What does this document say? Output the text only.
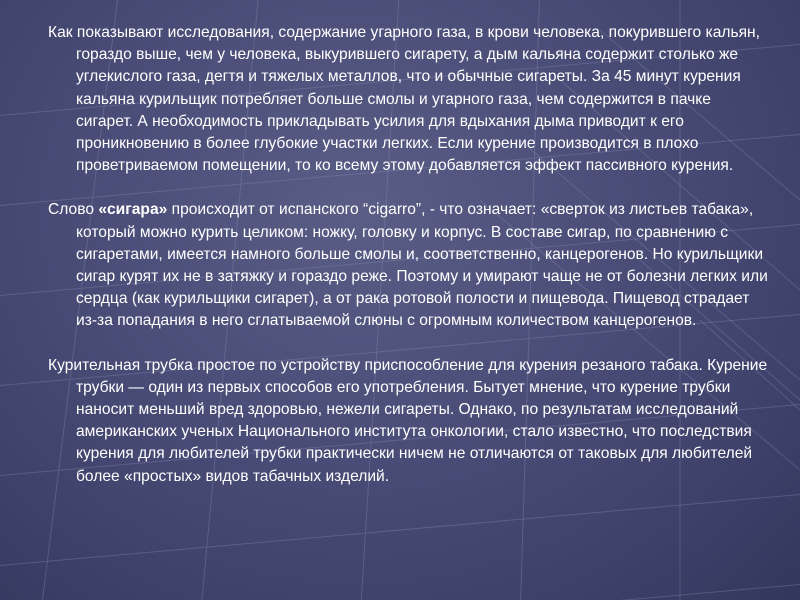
Как показывают исследования, содержание угарного газа, в крови человека, покурившего кальян, гораздо выше, чем у человека, выкурившего сигарету, а дым кальяна содержит столько же углекислого газа, дегтя и тяжелых металлов, что и обычные сигареты. За 45 минут курения кальяна курильщик потребляет больше смолы и угарного газа, чем содержится в пачке сигарет. А необходимость прикладывать усилия для вдыхания дыма приводит к его проникновению в более глубокие участки легких. Если курение производится в плохо проветриваемом помещении, то ко всему этому добавляется эффект пассивного курения.

Слово «сигара» происходит от испанского “cigarro”, - что означает: «сверток из листьев табака», который можно курить целиком: ножку, головку и корпус. В составе сигар, по сравнению с сигаретами, имеется намного больше смолы и, соответственно, канцерогенов. Но курильщики сигар курят их не в затяжку и гораздо реже. Поэтому и умирают чаще не от болезни легких или сердца (как курильщики сигарет), а от рака ротовой полости и пищевода. Пищевод страдает из-за попадания в него сглатываемой слюны с огромным количеством канцерогенов.

Курительная трубка простое по устройству приспособление для курения резаного табака. Курение трубки — один из первых способов его употребления. Бытует мнение, что курение трубки наносит меньший вред здоровью, нежели сигареты. Однако, по результатам исследований американских ученых Национального института онкологии, стало известно, что последствия курения для любителей трубки практически ничем не отличаются от таковых для любителей более «простых» видов табачных изделий.
